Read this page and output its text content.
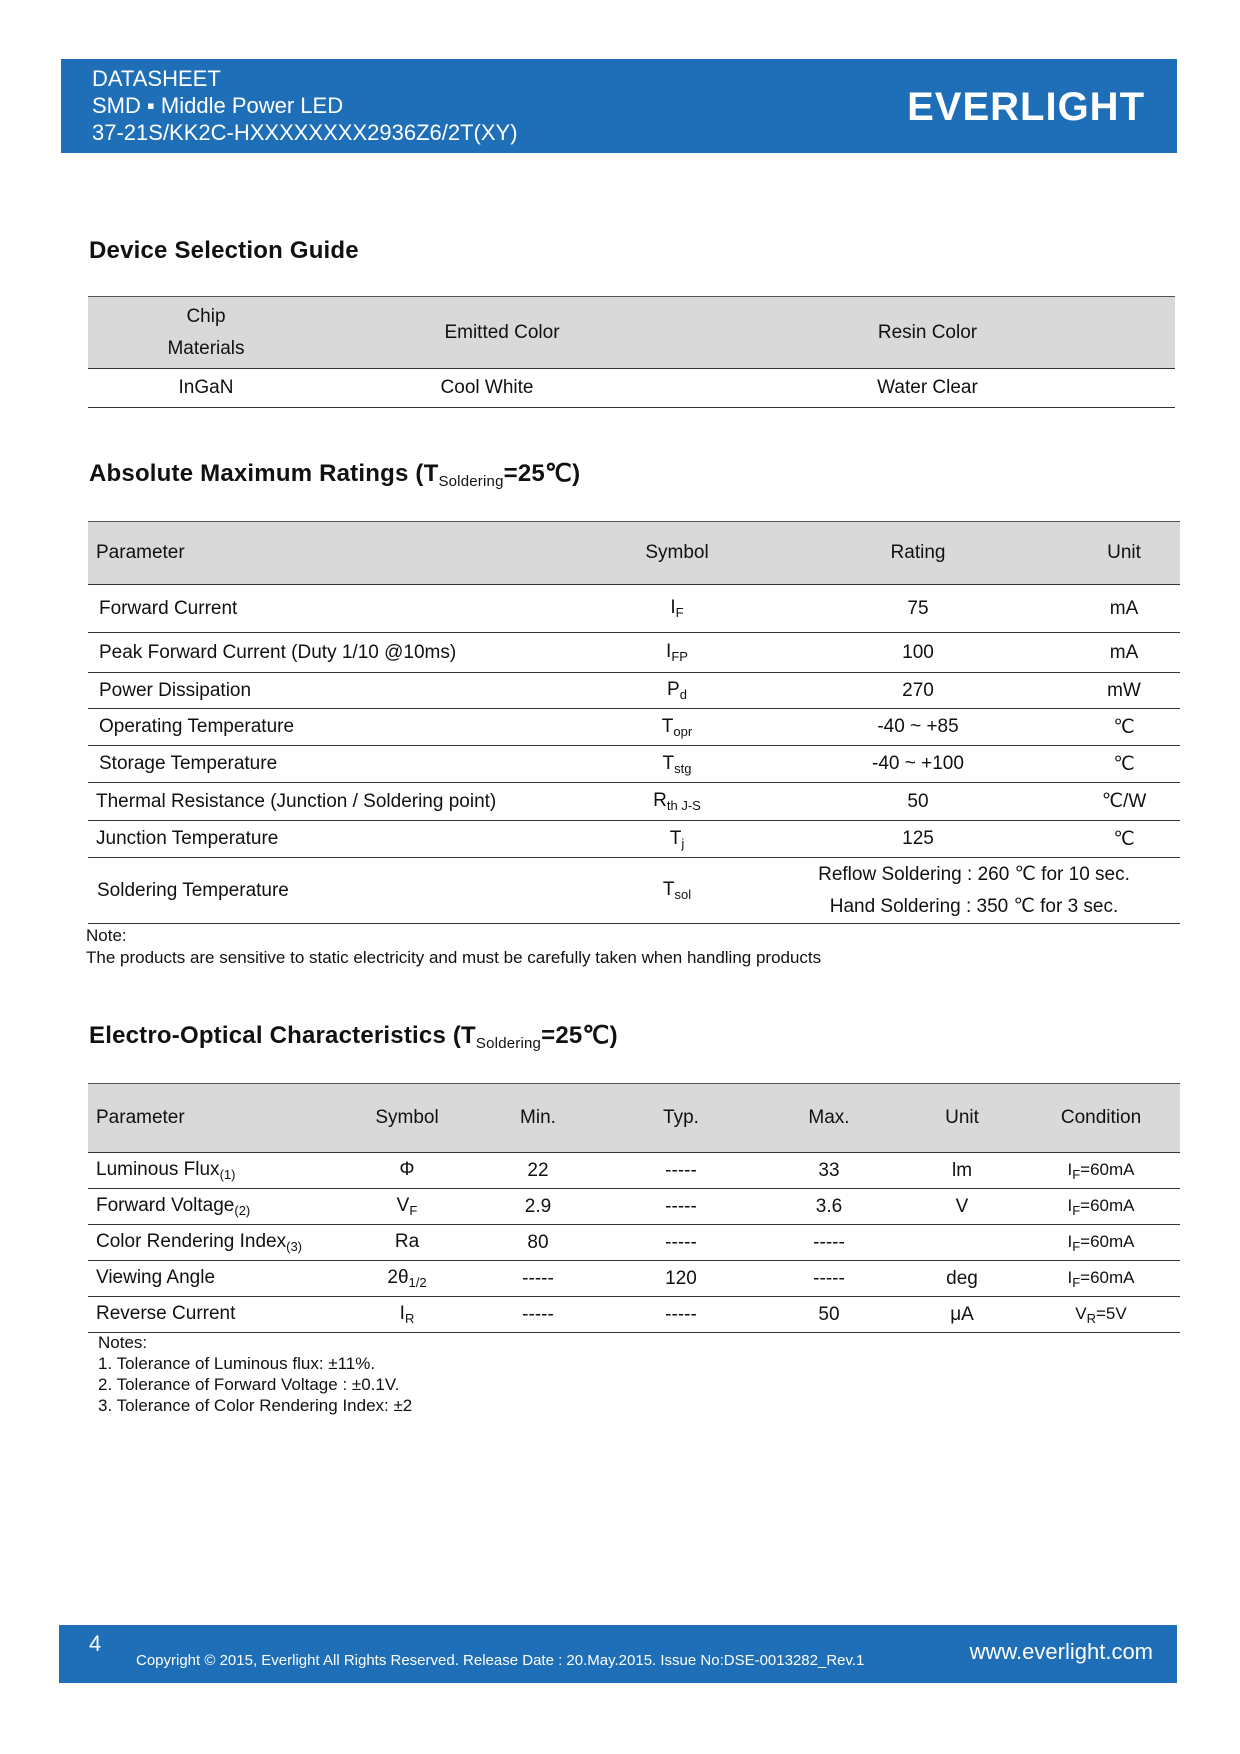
DATASHEET
SMD ▪ Middle Power LED
37-21S/KK2C-HXXXXXXXX2936Z6/2T(XY)
EVERLIGHT
Device Selection Guide
Chip
Materials	Emitted Color	Resin Color
InGaN	Cool White	Water Clear
Absolute Maximum Ratings $(T_{Soldering}=25℃)$
Parameter	Symbol	Rating	Unit
Forward Current	$I_F$	75	mA
Peak Forward Current (Duty 1/10 @10ms)	$I_{FP}$	100	mA
Power Dissipation	$P_d$	270	mW
Operating Temperature	$T_{opr}$	-40 ~ +85	℃
Storage Temperature	$T_{stg}$	-40 ~ +100	℃
Thermal Resistance (Junction / Soldering point)	$R_{th J-S}$	50	℃/W
Junction Temperature	$T_j$	125	℃
Soldering Temperature	$T_{sol}$	Reflow Soldering : 260 ℃ for 10 sec.
Hand Soldering : 350 ℃ for 3 sec.	
Note:
The products are sensitive to static electricity and must be carefully taken when handling products
Electro-Optical Characteristics $(T_{Soldering}=25℃)$
Parameter	Symbol	Min.	Typ.	Max.	Unit	Condition
Luminous Flux$_{(1)}$	Φ	22	-----	33	lm	$I_F=60mA$
Forward Voltage$_{(2)}$	$V_F$	2.9	-----	3.6	V	$I_F=60mA$
Color Rendering Index$_{(3)}$	Ra	80	-----	-----		$I_F=60mA$
Viewing Angle	$2\theta_{1/2}$	-----	120	-----	deg	$I_F=60mA$
Reverse Current	$I_R$	-----	-----	50	μA	$V_R=5V$
Notes:
1. Tolerance of Luminous flux: ±11%.
2. Tolerance of Forward Voltage : ±0.1V.
3. Tolerance of Color Rendering Index: ±2
4
Copyright © 2015, Everlight All Rights Reserved. Release Date : 20.May.2015. Issue No:DSE-0013282_Rev.1	www.everlight.com
